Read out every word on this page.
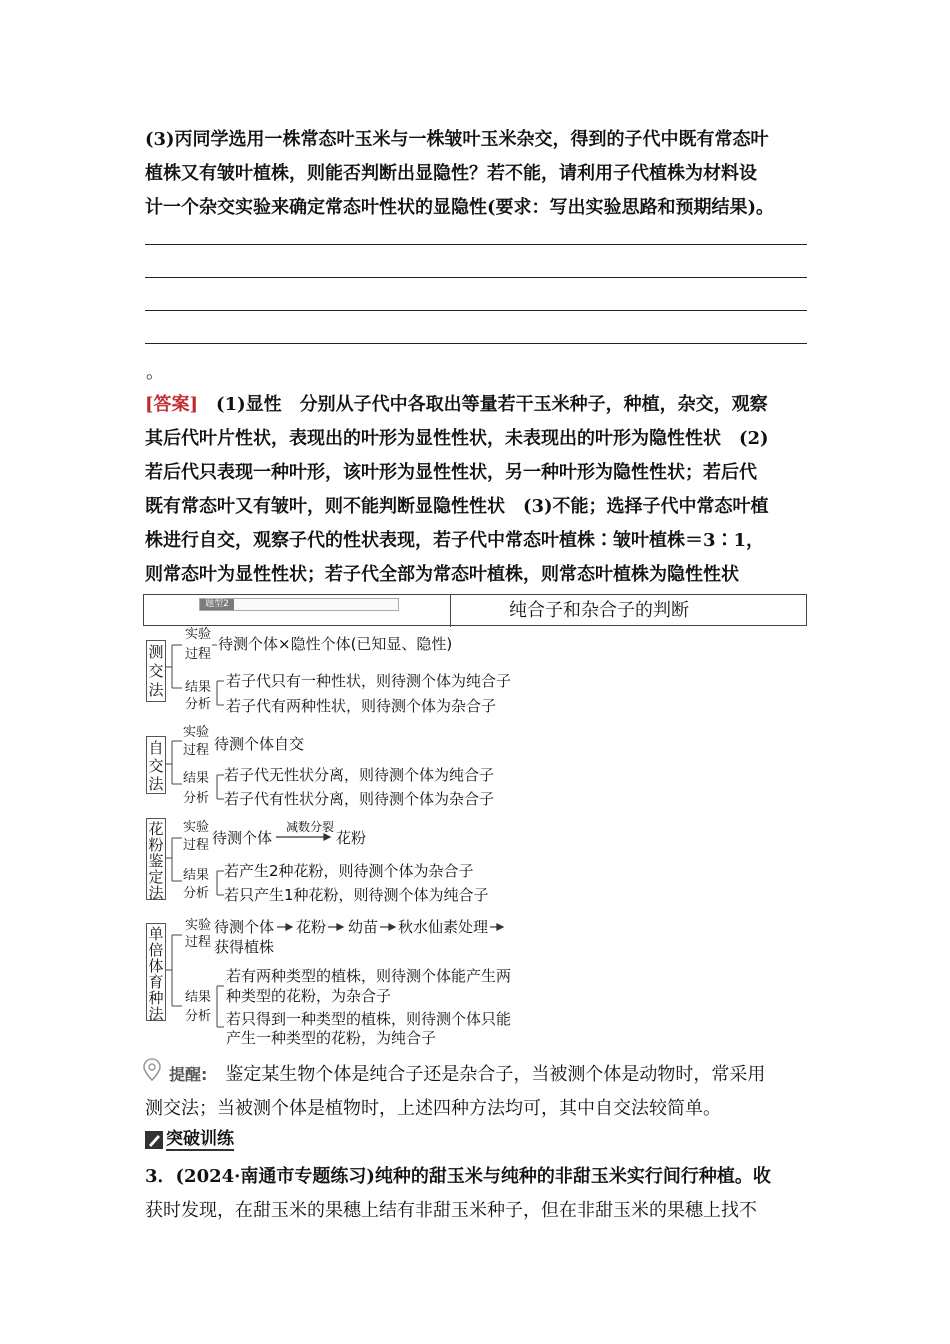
(3)丙同学选用一株常态叶玉米与一株皱叶玉米杂交，得到的子代中既有常态叶
植株又有皱叶植株，则能否判断出显隐性？若不能，请利用子代植株为材料设
计一个杂交实验来确定常态叶性状的显隐性(要求：写出实验思路和预期结果)。
。
[答案]　 (1)显性　分别从子代中各取出等量若干玉米种子，种植，杂交，观察
其后代叶片性状，表现出的叶形为显性性状，未表现出的叶形为隐性性状　(2)
若后代只表现一种叶形，该叶形为显性性状，另一种叶形为隐性性状；若后代
既有常态叶又有皱叶，则不能判断显隐性性状　(3)不能；选择子代中常态叶植
株进行自交，观察子代的性状表现，若子代中常态叶植株∶皱叶植株＝3∶1，
则常态叶为显性性状；若子代全部为常态叶植株，则常态叶植株为隐性性状
题型2	纯合子和杂合子的判断
测
交
法
实验
过程
待测个体×隐性个体(已知显、隐性)
结果
分析
若子代只有一种性状，则待测个体为纯合子
若子代有两种性状，则待测个体为杂合子
自
交
法
实验
过程 待测个体自交
结果
分析
若子代无性状分离，则待测个体为纯合子
若子代有性状分离，则待测个体为杂合子
花
粉
鉴
定
法
实验
过程 待测个体
减数分裂
花粉
结果
分析
若产生2种花粉，则待测个体为杂合子
若只产生1种花粉，则待测个体为纯合子
单
倍
体
育
种
法
实验
过程
待测个体 花粉 幼苗 秋水仙素处理
获得植株
结果
分析
若有两种类型的植株，则待测个体能产生两
种类型的花粉，为杂合子
若只得到一种类型的植株，则待测个体只能
产生一种类型的花粉，为纯合子
提醒:　 鉴定某生物个体是纯合子还是杂合子，当被测个体是动物时，常采用
测交法；当被测个体是植物时，上述四种方法均可，其中自交法较简单。
突破训练
3．(2024·南通市专题练习)纯种的甜玉米与纯种的非甜玉米实行间行种植。收
获时发现，在甜玉米的果穗上结有非甜玉米种子，但在非甜玉米的果穗上找不
